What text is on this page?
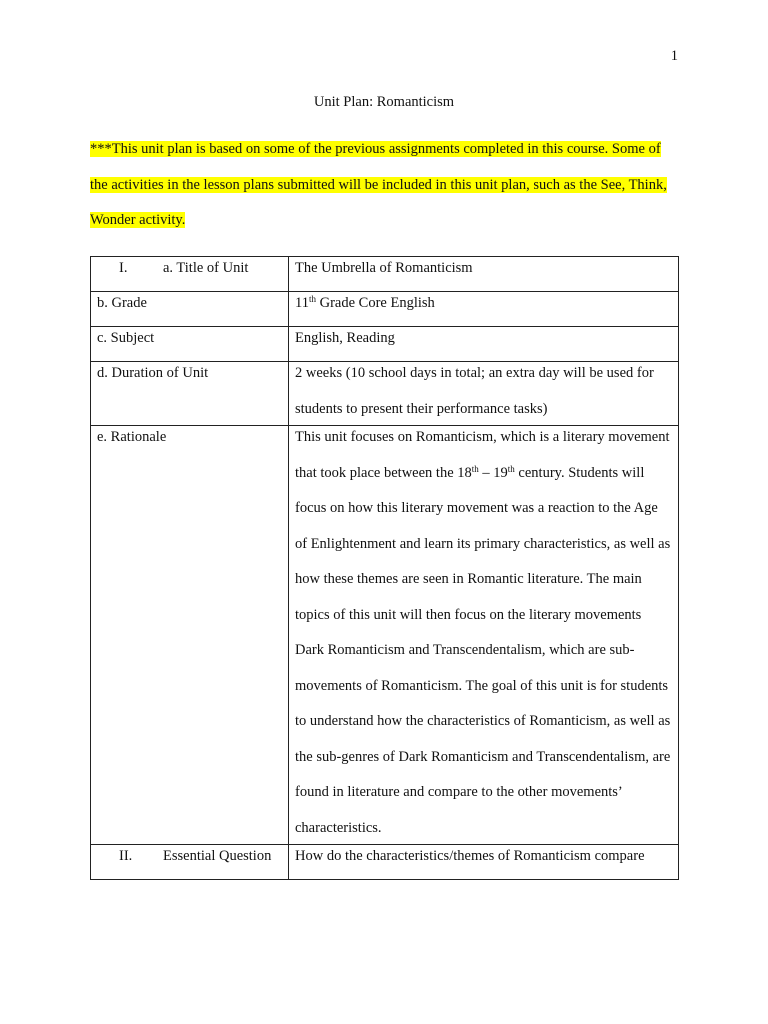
1
Unit Plan: Romanticism
***This unit plan is based on some of the previous assignments completed in this course. Some of the activities in the lesson plans submitted will be included in this unit plan, such as the See, Think, Wonder activity.
I. a. Title of Unit	The Umbrella of Romanticism

b. Grade	11th Grade Core English

c. Subject	English, Reading

d. Duration of Unit	2 weeks (10 school days in total; an extra day will be used for students to present their performance tasks)

e. Rationale	This unit focuses on Romanticism, which is a literary movement that took place between the 18th – 19th century. Students will focus on how this literary movement was a reaction to the Age of Enlightenment and learn its primary characteristics, as well as how these themes are seen in Romantic literature. The main topics of this unit will then focus on the literary movements Dark Romanticism and Transcendentalism, which are sub-movements of Romanticism. The goal of this unit is for students to understand how the characteristics of Romanticism, as well as the sub-genres of Dark Romanticism and Transcendentalism, are found in literature and compare to the other movements’ characteristics.

II. Essential Question	How do the characteristics/themes of Romanticism compare
